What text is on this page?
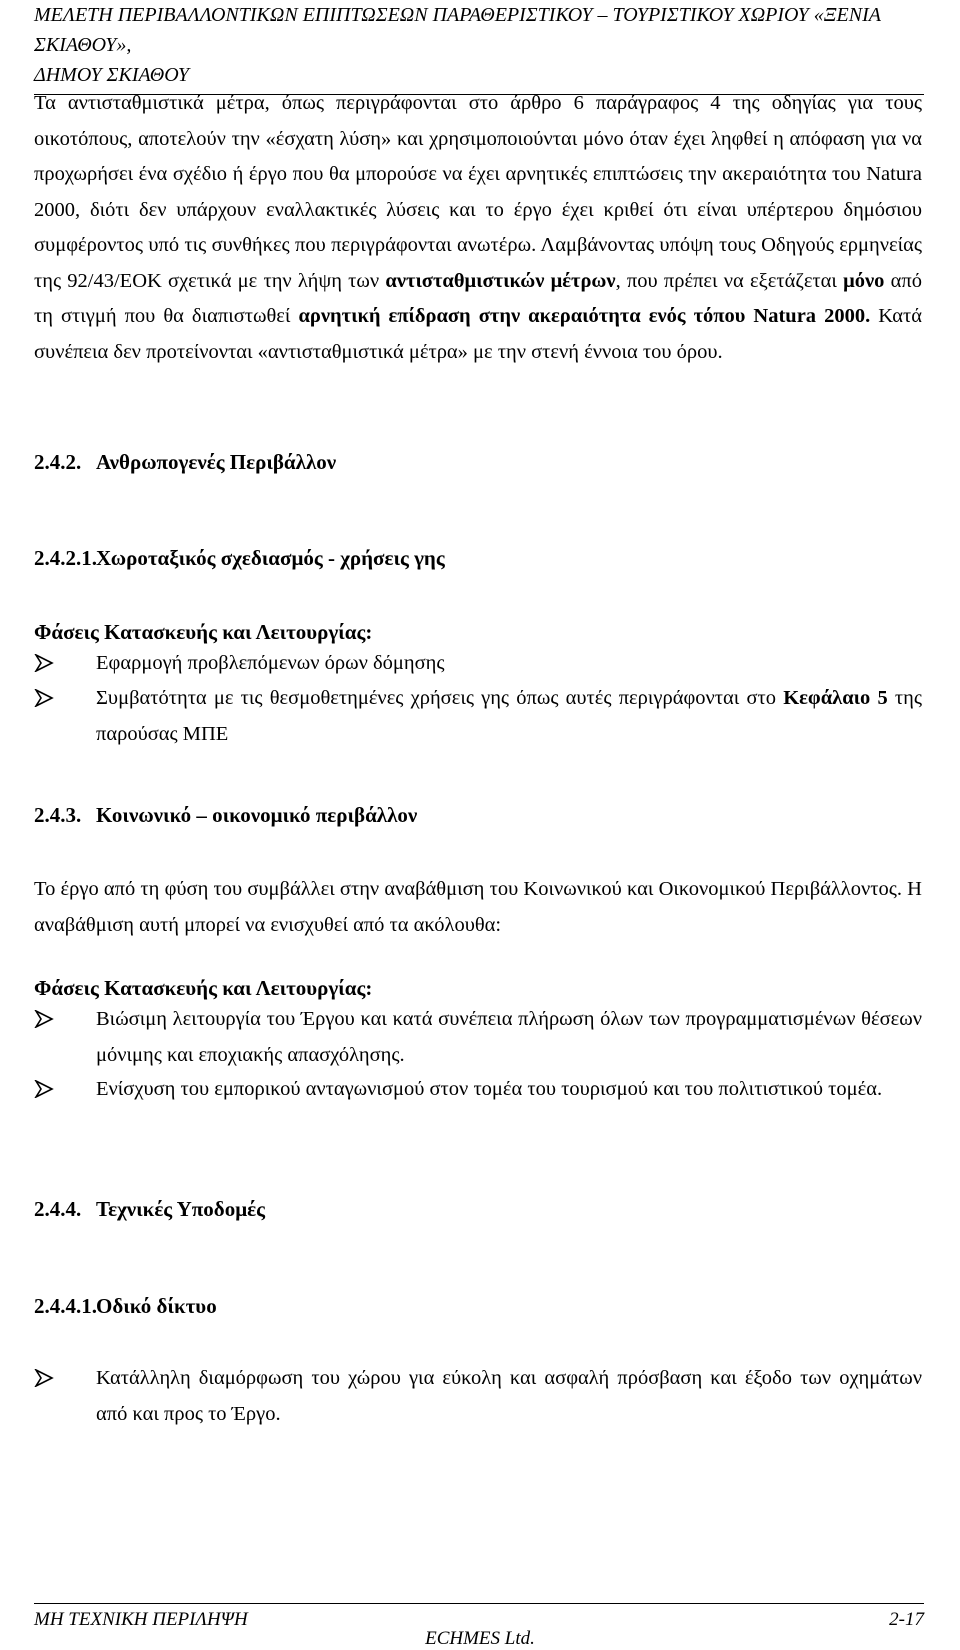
ΜΕΛΕΤΗ ΠΕΡΙΒΑΛΛΟΝΤΙΚΩΝ ΕΠΙΠΤΩΣΕΩΝ ΠΑΡΑΘΕΡΙΣΤΙΚΟΥ – ΤΟΥΡΙΣΤΙΚΟΥ ΧΩΡΙΟΥ «ΞΕΝΙΑ ΣΚΙΑΘΟΥ»,
ΔΗΜΟΥ ΣΚΙΑΘΟΥ
Τα αντισταθμιστικά μέτρα, όπως περιγράφονται στο άρθρο 6 παράγραφος 4 της οδηγίας για τους οικοτόπους, αποτελούν την «έσχατη λύση» και χρησιμοποιούνται μόνο όταν έχει ληφθεί η απόφαση για να προχωρήσει ένα σχέδιο ή έργο που θα μπορούσε να έχει αρνητικές επιπτώσεις την ακεραιότητα του Natura 2000, διότι δεν υπάρχουν εναλλακτικές λύσεις και το έργο έχει κριθεί ότι είναι υπέρτερου δημόσιου συμφέροντος υπό τις συνθήκες που περιγράφονται ανωτέρω. Λαμβάνοντας υπόψη τους Οδηγούς ερμηνείας της 92/43/ΕΟΚ σχετικά με την λήψη των αντισταθμιστικών μέτρων, που πρέπει να εξετάζεται μόνο από τη στιγμή που θα διαπιστωθεί αρνητική επίδραση στην ακεραιότητα ενός τόπου Natura 2000. Κατά συνέπεια δεν προτείνονται «αντισταθμιστικά μέτρα» με την στενή έννοια του όρου.
2.4.2. Ανθρωπογενές Περιβάλλον
2.4.2.1.Χωροταξικός σχεδιασμός - χρήσεις γης
Φάσεις Κατασκευής και Λειτουργίας:
Εφαρμογή προβλεπόμενων όρων δόμησης
Συμβατότητα με τις θεσμοθετημένες χρήσεις γης όπως αυτές περιγράφονται στο Κεφάλαιο 5 της παρούσας ΜΠΕ
2.4.3. Κοινωνικό – οικονομικό περιβάλλον
Το έργο από τη φύση του συμβάλλει στην αναβάθμιση του Κοινωνικού και Οικονομικού Περιβάλλοντος. Η αναβάθμιση αυτή μπορεί να ενισχυθεί από τα ακόλουθα:
Φάσεις Κατασκευής και Λειτουργίας:
Βιώσιμη λειτουργία του Έργου και κατά συνέπεια πλήρωση όλων των προγραμματισμένων θέσεων μόνιμης και εποχιακής απασχόλησης.
Ενίσχυση του εμπορικού ανταγωνισμού στον τομέα του τουρισμού και του πολιτιστικού τομέα.
2.4.4. Τεχνικές Υποδομές
2.4.4.1.Οδικό δίκτυο
Κατάλληλη διαμόρφωση του χώρου για εύκολη και ασφαλή πρόσβαση και έξοδο των οχημάτων από και προς το Έργο.
ΜΗ ΤΕΧΝΙΚΗ ΠΕΡΙΛΗΨΗ	2-17
ECHMES Ltd.
